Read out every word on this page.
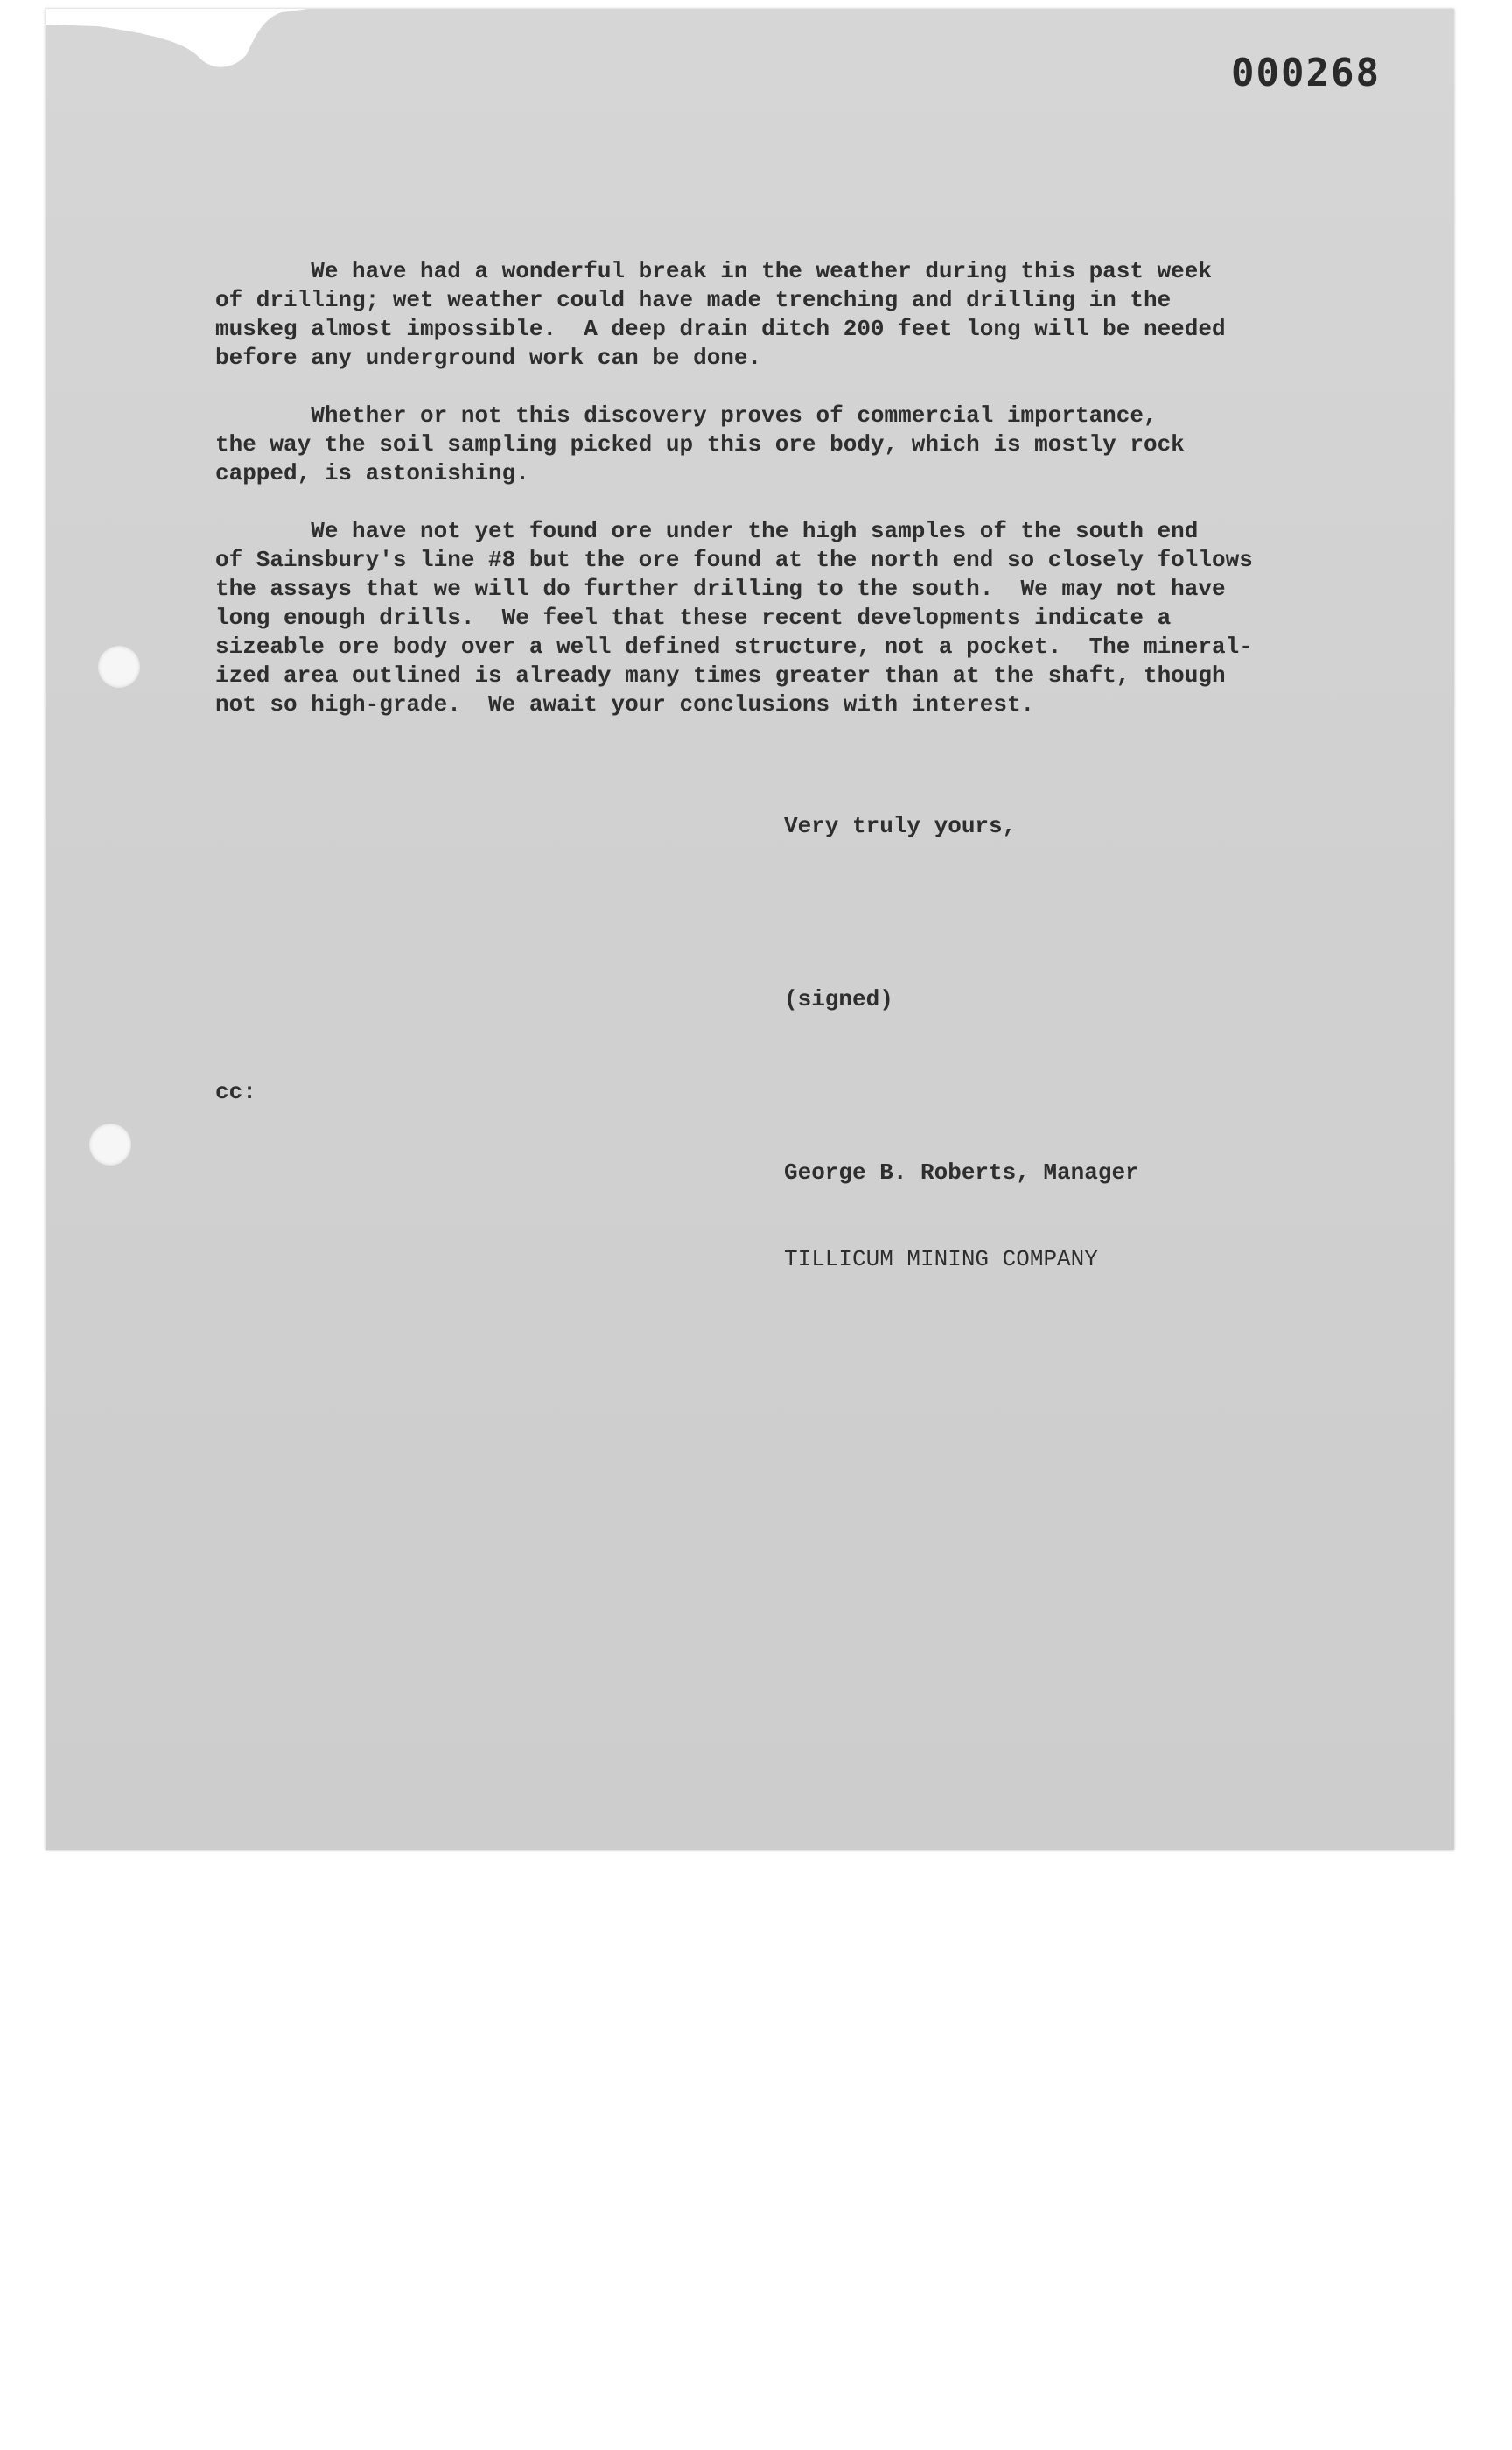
000268
We have had a wonderful break in the weather during this past week
of drilling; wet weather could have made trenching and drilling in the
muskeg almost impossible.  A deep drain ditch 200 feet long will be needed
before any underground work can be done.
Whether or not this discovery proves of commercial importance,
the way the soil sampling picked up this ore body, which is mostly rock
capped, is astonishing.
We have not yet found ore under the high samples of the south end
of Sainsbury's line #8 but the ore found at the north end so closely follows
the assays that we will do further drilling to the south.  We may not have
long enough drills.  We feel that these recent developments indicate a
sizeable ore body over a well defined structure, not a pocket.  The mineral-
ized area outlined is already many times greater than at the shaft, though
not so high-grade.  We await your conclusions with interest.

Very truly yours,

(signed)

George B. Roberts, Manager

TILLICUM MINING COMPANY

cc:
